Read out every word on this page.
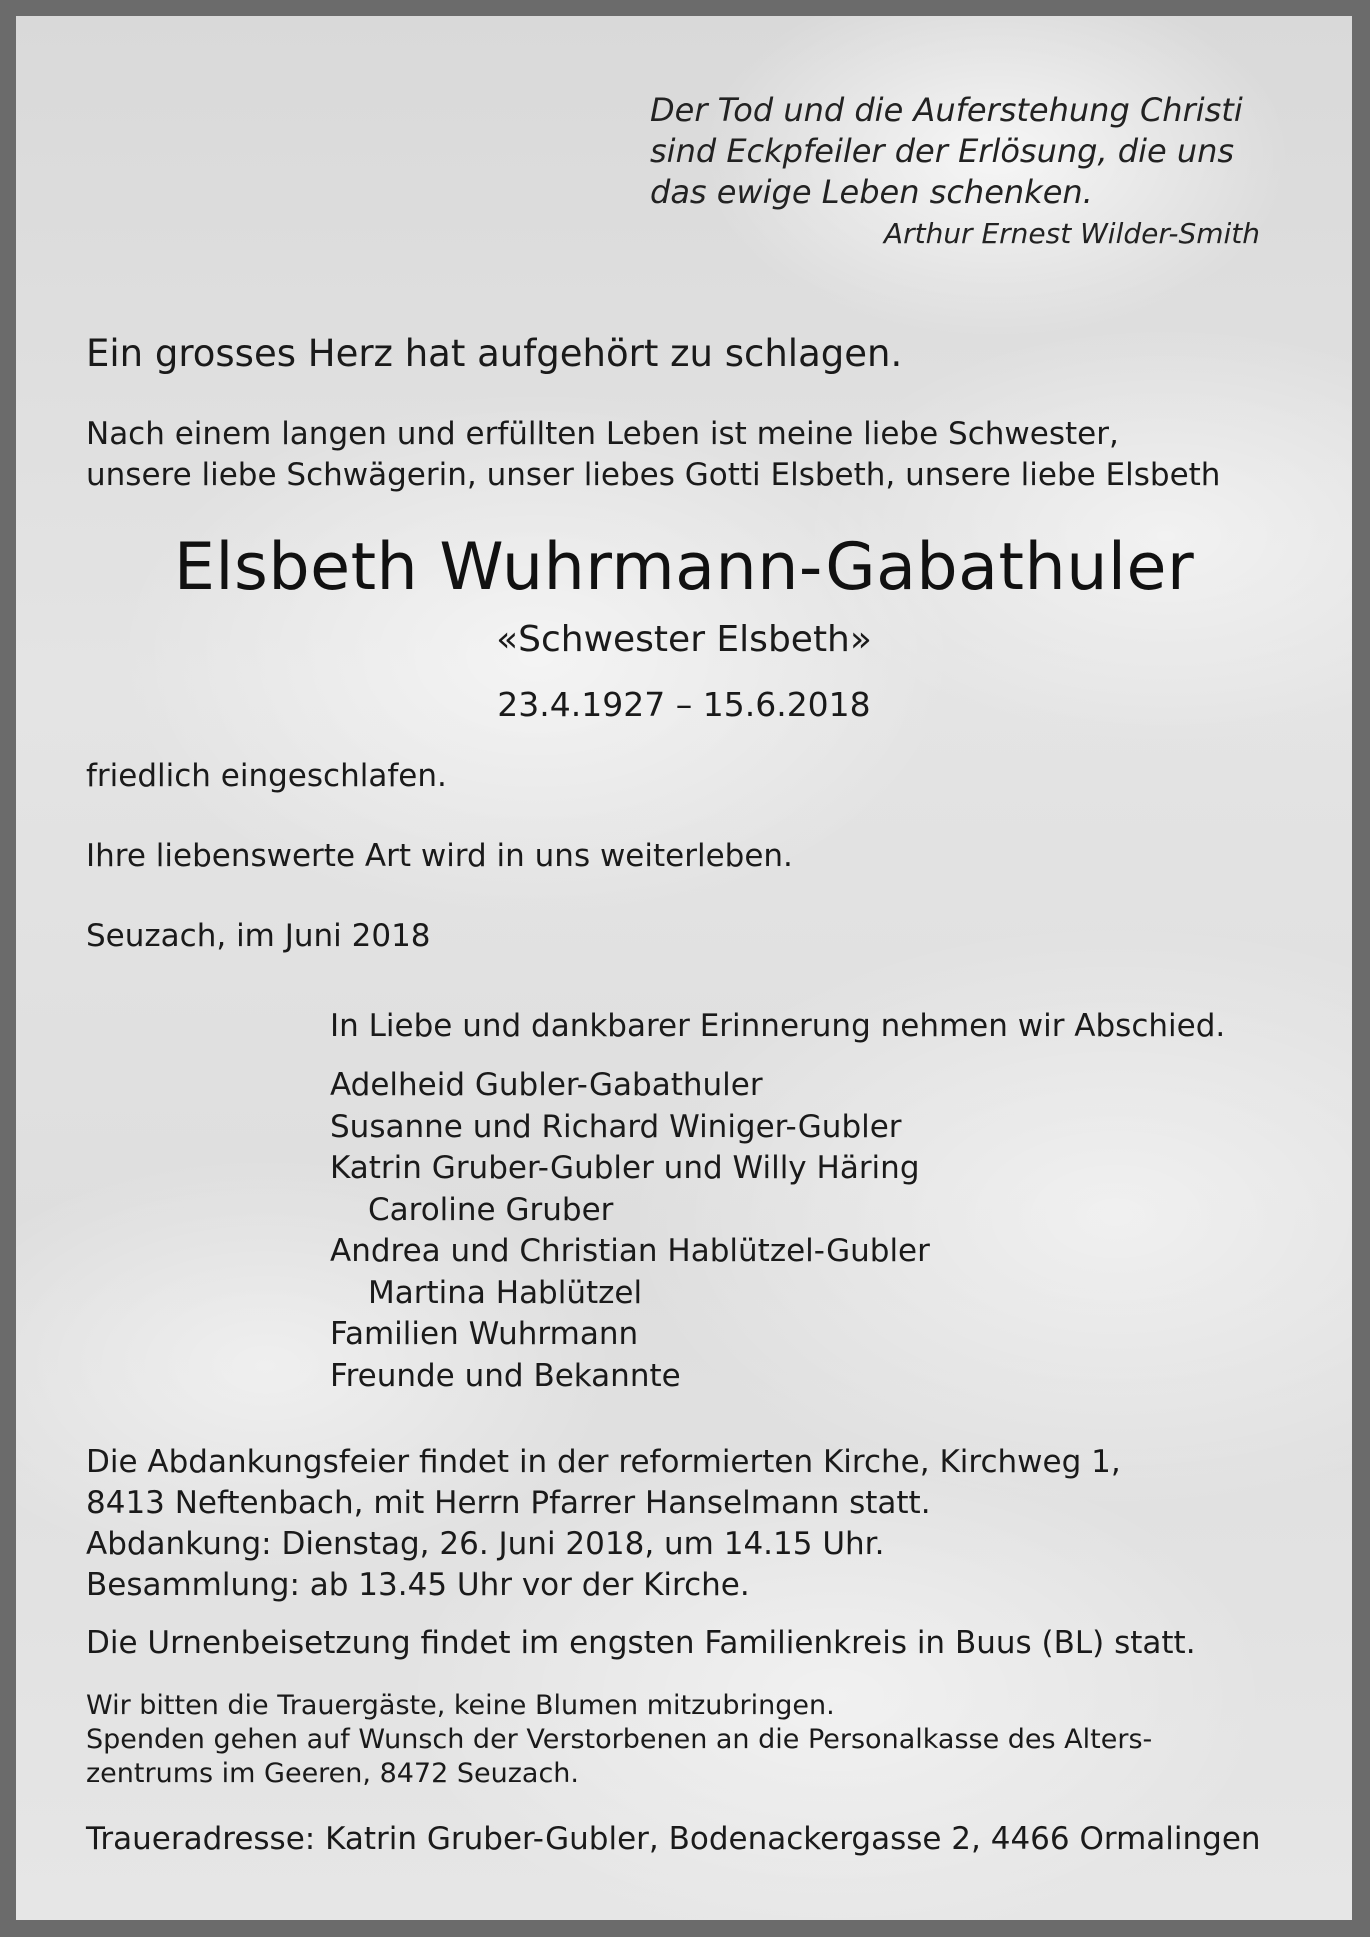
Der Tod und die Auferstehung Christi
sind Eckpfeiler der Erlösung, die uns
das ewige Leben schenken.
Arthur Ernest Wilder-Smith
Ein grosses Herz hat aufgehört zu schlagen.
Nach einem langen und erfüllten Leben ist meine liebe Schwester,
unsere liebe Schwägerin, unser liebes Gotti Elsbeth, unsere liebe Elsbeth
Elsbeth Wuhrmann-Gabathuler
«Schwester Elsbeth»
23.4.1927 – 15.6.2018
friedlich eingeschlafen.
Ihre liebenswerte Art wird in uns weiterleben.
Seuzach, im Juni 2018
In Liebe und dankbarer Erinnerung nehmen wir Abschied.
Adelheid Gubler-Gabathuler
Susanne und Richard Winiger-Gubler
Katrin Gruber-Gubler und Willy Häring
Caroline Gruber
Andrea und Christian Hablützel-Gubler
Martina Hablützel
Familien Wuhrmann
Freunde und Bekannte
Die Abdankungsfeier findet in der reformierten Kirche, Kirchweg 1,
8413 Neftenbach, mit Herrn Pfarrer Hanselmann statt.
Abdankung: Dienstag, 26. Juni 2018, um 14.15 Uhr.
Besammlung: ab 13.45 Uhr vor der Kirche.
Die Urnenbeisetzung findet im engsten Familienkreis in Buus (BL) statt.
Wir bitten die Trauergäste, keine Blumen mitzubringen.
Spenden gehen auf Wunsch der Verstorbenen an die Personalkasse des Alters-
zentrums im Geeren, 8472 Seuzach.
Traueradresse: Katrin Gruber-Gubler, Bodenackergasse 2, 4466 Ormalingen
